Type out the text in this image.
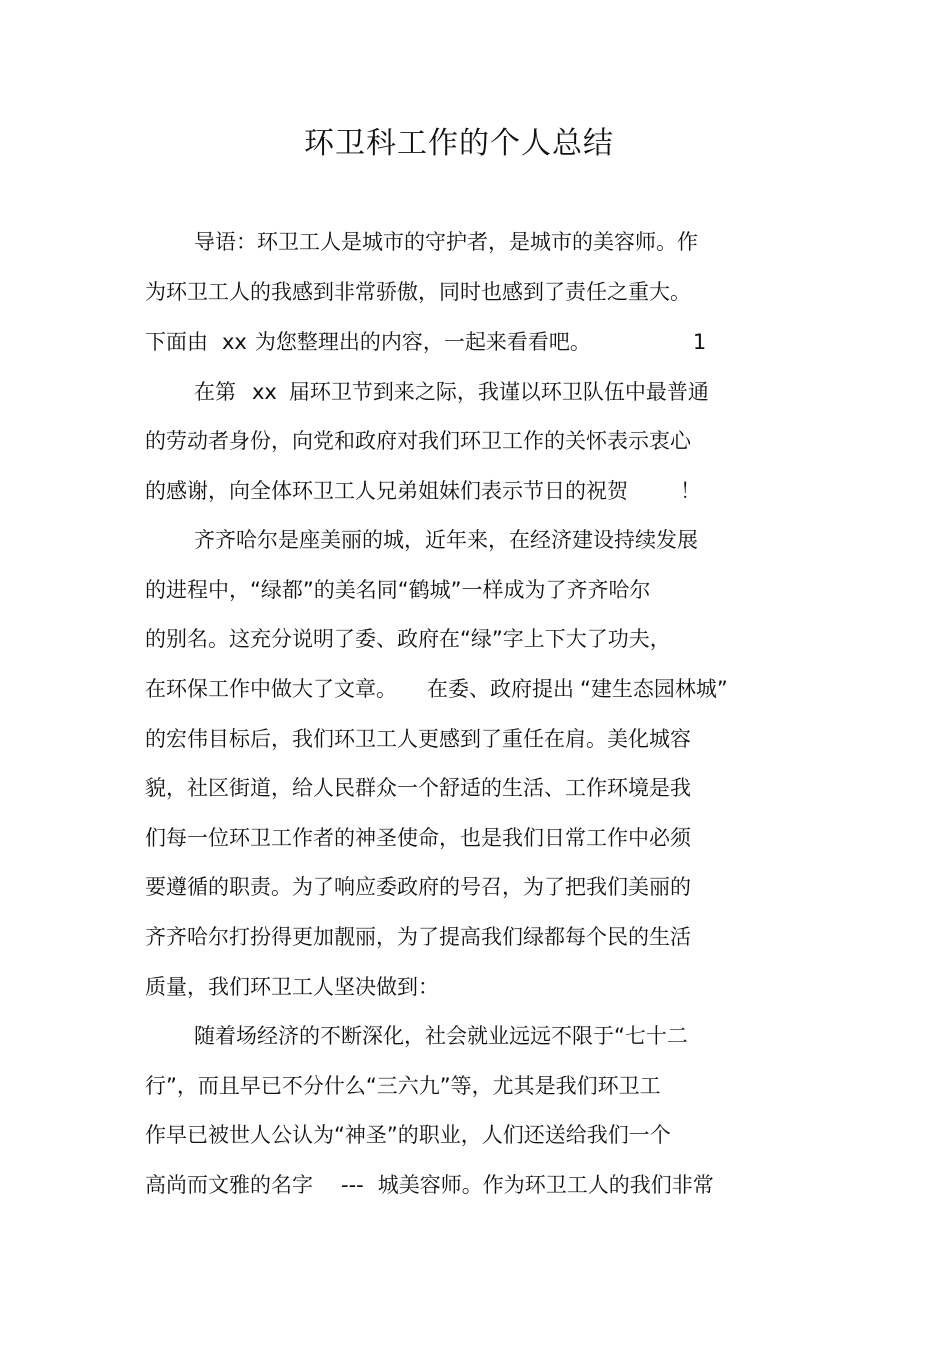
环卫科工作的个人总结
导语：环卫工人是城市的守护者，是城市的美容师。作
为环卫工人的我感到非常骄傲，同时也感到了责任之重大。
下面由 xx 为您整理出的内容，一起来看看吧。	1
在第 xx 届环卫节到来之际，我谨以环卫队伍中最普通
的劳动者身份，向党和政府对我们环卫工作的关怀表示衷心
的感谢，向全体环卫工人兄弟姐妹们表示节日的祝贺 ！
齐齐哈尔是座美丽的城，近年来，在经济建设持续发展
的进程中，“绿都”的美名同“鹤城”一样成为了齐齐哈尔
的别名。这充分说明了委、政府在“绿”字上下大了功夫，
在环保工作中做大了文章。 在委、政府提出 “建生态园林城”
的宏伟目标后，我们环卫工人更感到了重任在肩。美化城容
貌，社区街道，给人民群众一个舒适的生活、工作环境是我
们每一位环卫工作者的神圣使命，也是我们日常工作中必须
要遵循的职责。为了响应委政府的号召，为了把我们美丽的
齐齐哈尔打扮得更加靓丽，为了提高我们绿都每个民的生活
质量，我们环卫工人坚决做到：
随着场经济的不断深化，社会就业远远不限于“七十二
行”，而且早已不分什么“三六九”等，尤其是我们环卫工
作早已被世人公认为“神圣”的职业，人们还送给我们一个
高尚而文雅的名字 --- 城美容师。作为环卫工人的我们非常
